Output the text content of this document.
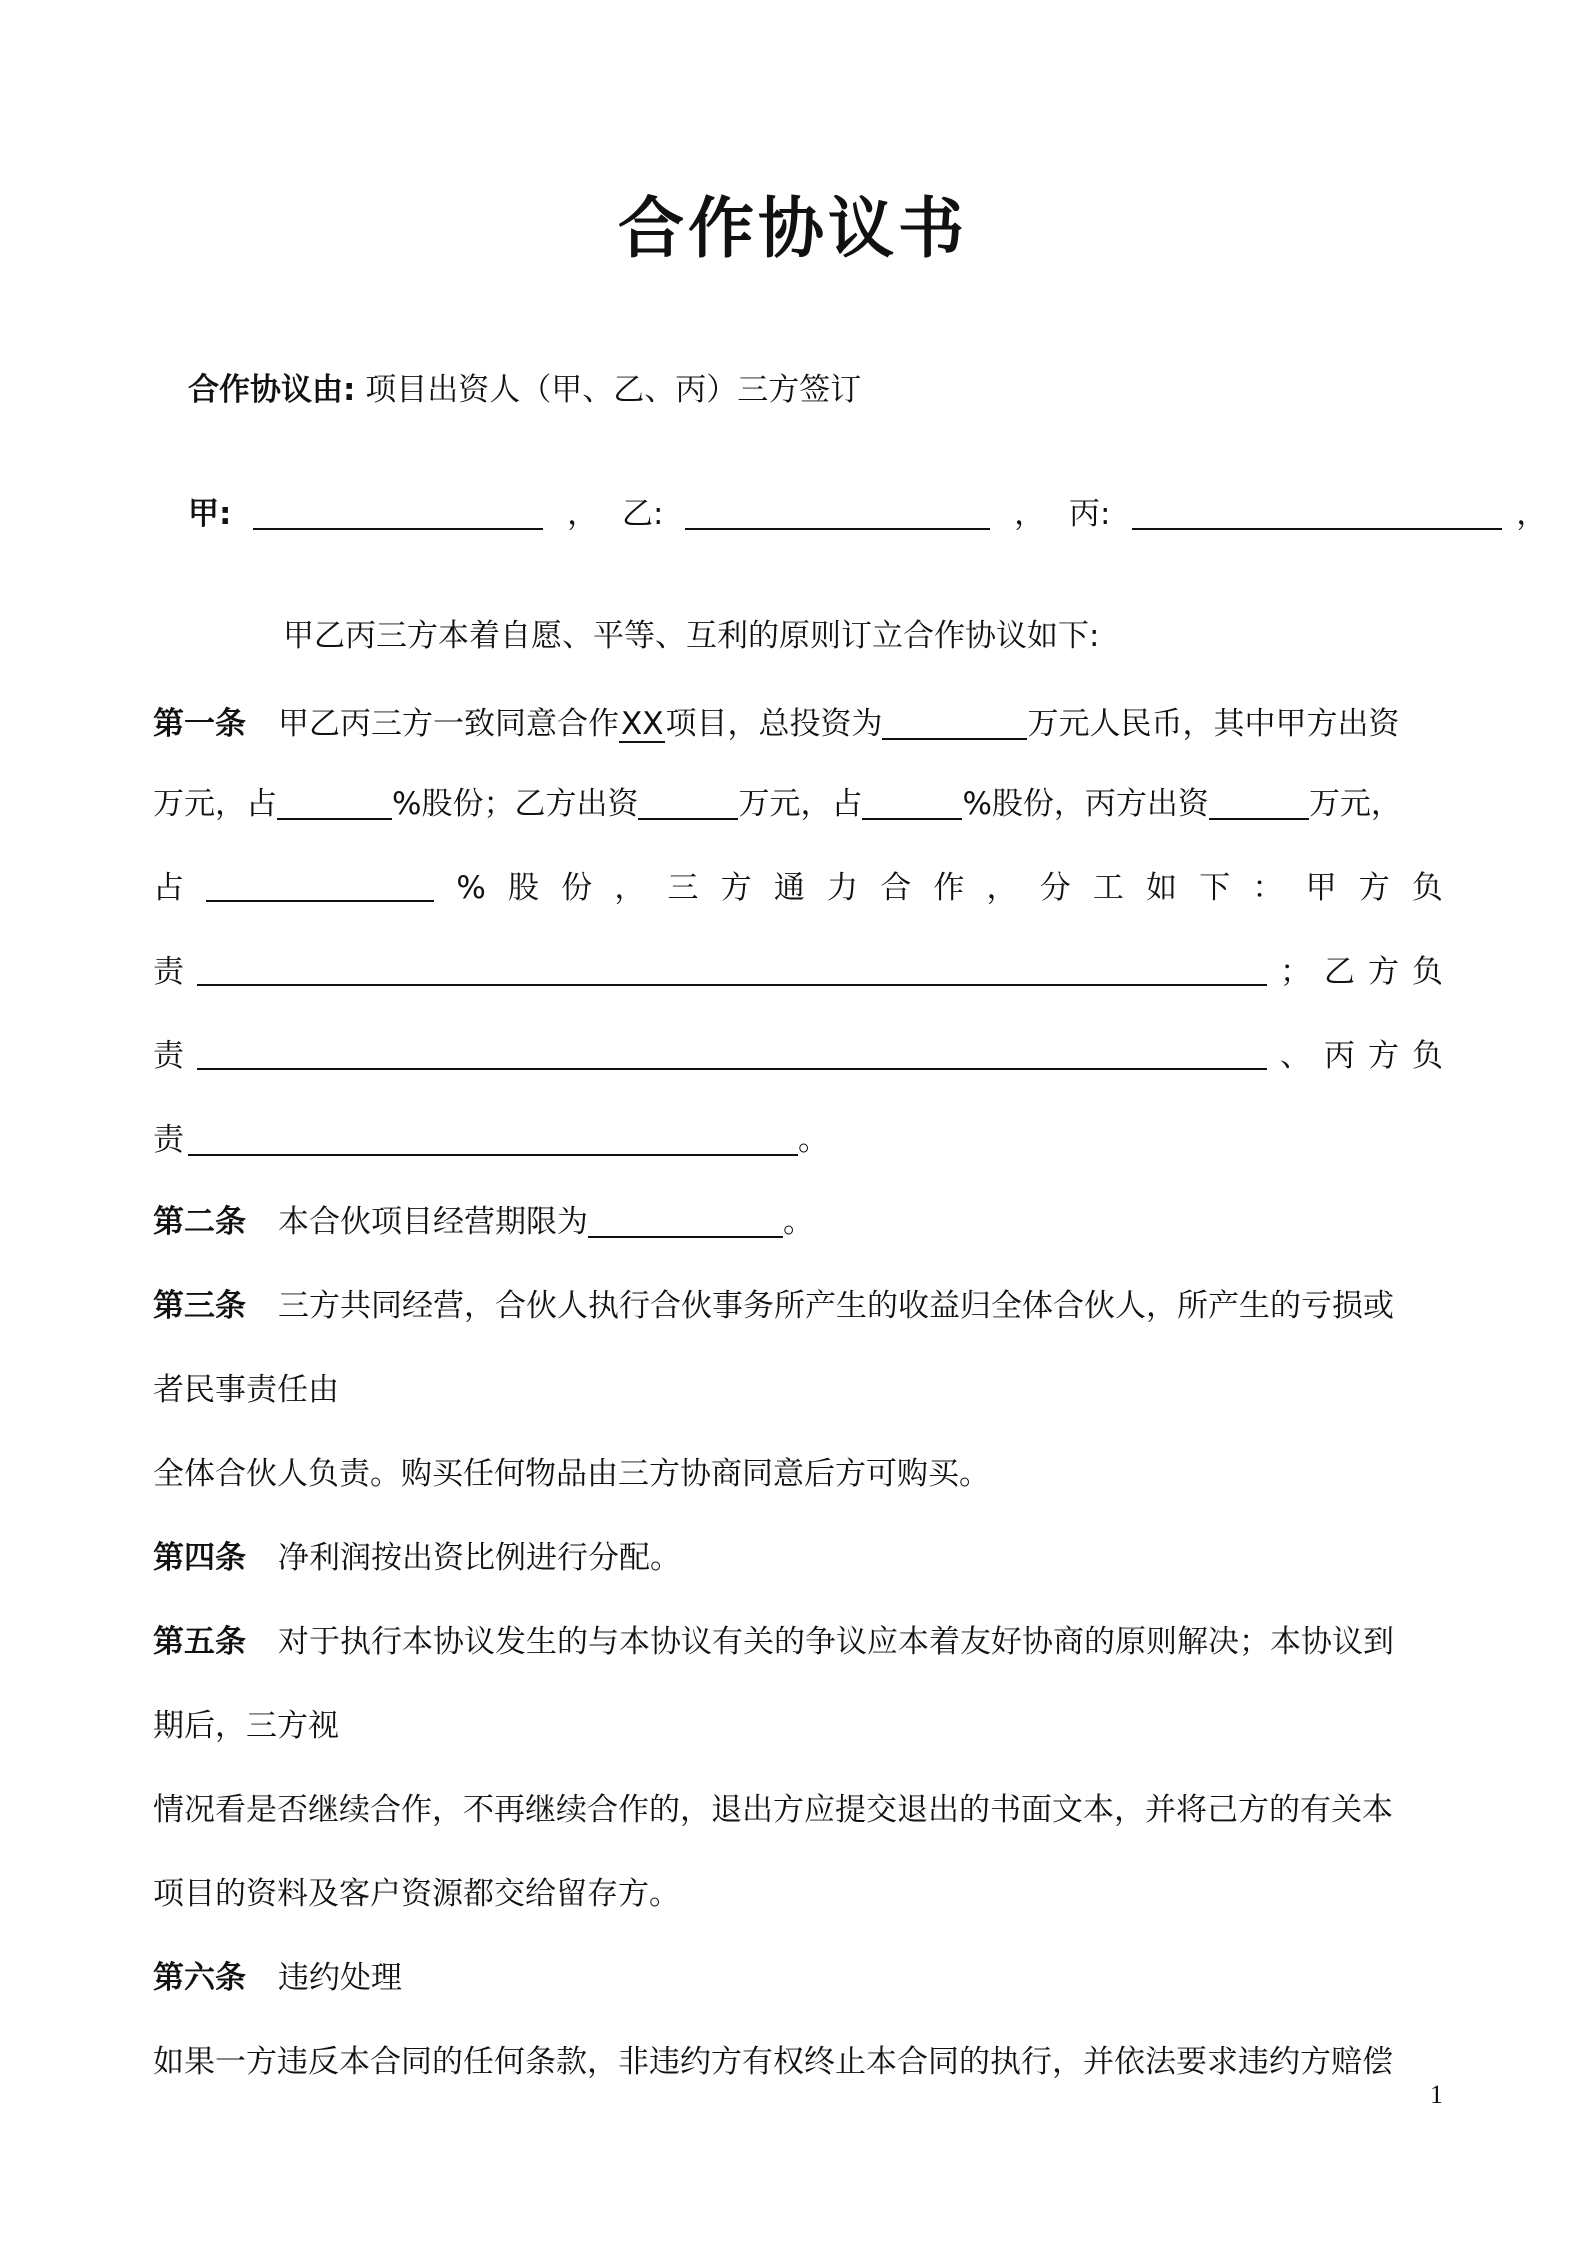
合作协议书
合作协议由: 项目出资人（甲、乙、丙）三方签订
甲:	， 乙:	， 丙:	，
甲乙丙三方本着自愿、平等、互利的原则订立合作协议如下:
第一条 甲乙丙三方一致同意合作XX项目，总投资为	万元人民币，其中甲方出资
万元，占	%股份；乙方出资	万元，占	%股份，丙方出资	万元，
占	% 股 份 ， 三 方 通 力 合 作 ， 分 工 如 下 ： 甲 方 负
责	； 乙 方 负
责	、 丙 方 负
责	。
第二条 本合伙项目经营期限为	。
第三条 三方共同经营，合伙人执行合伙事务所产生的收益归全体合伙人，所产生的亏损或
者民事责任由
全体合伙人负责。购买任何物品由三方协商同意后方可购买。
第四条 净利润按出资比例进行分配。
第五条 对于执行本协议发生的与本协议有关的争议应本着友好协商的原则解决；本协议到
期后，三方视
情况看是否继续合作，不再继续合作的，退出方应提交退出的书面文本，并将己方的有关本
项目的资料及客户资源都交给留存方。
第六条 违约处理
如果一方违反本合同的任何条款，非违约方有权终止本合同的执行，并依法要求违约方赔偿
1
